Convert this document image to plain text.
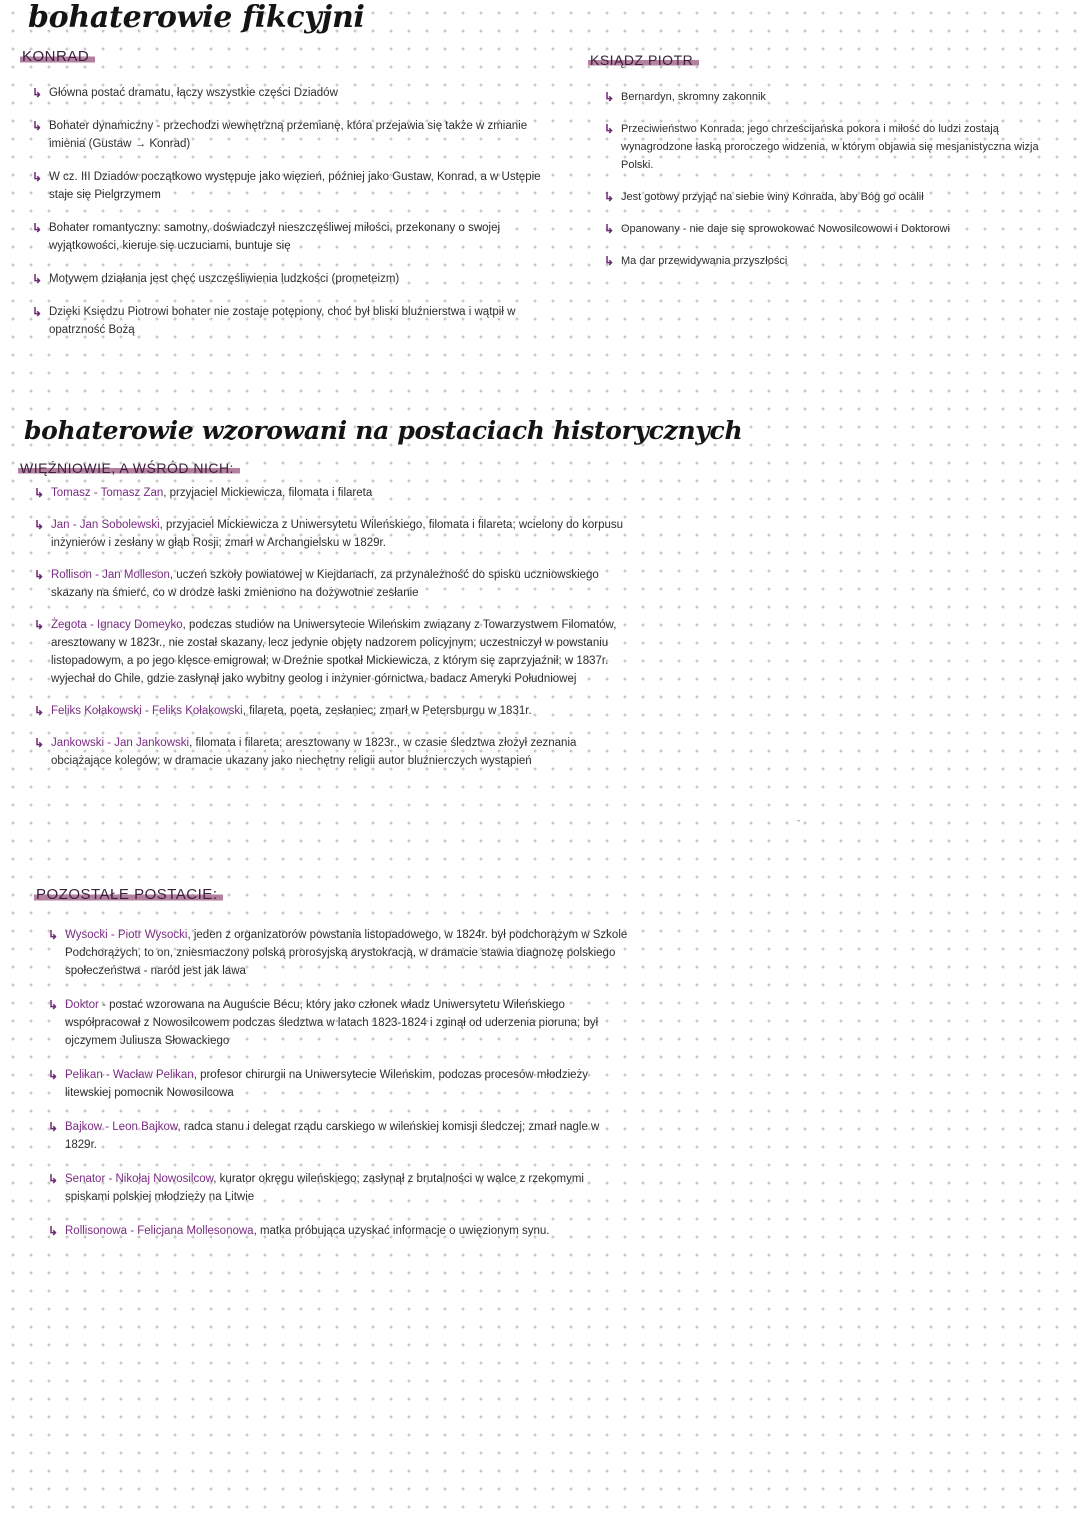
bohaterowie fikcyjni
KONRAD

↳ Główna postać dramatu, łączy wszystkie części Dziadów

↳ Bohater dynamiczny - przechodzi wewnętrzną przemianę, która przejawia się także w zmianie imienia (Gustaw → Konrad)

↳ W cz. III Dziadów początkowo występuje jako więzień, później jako Gustaw, Konrad, a w Ustępie staje się Pielgrzymem

↳ Bohater romantyczny: samotny, doświadczył nieszczęśliwej miłości, przekonany o swojej wyjątkowości, kieruje się uczuciami, buntuje się

↳ Motywem działania jest chęć uszczęśliwienia ludzkości (prometeizm)

↳ Dzięki Księdzu Piotrowi bohater nie zostaje potępiony, choć był bliski bluźnierstwa i wątpił w opatrzność Bożą

KSIĄDZ PIOTR

↳ Bernardyn, skromny zakonnik

↳ Przeciwieństwo Konrada; jego chrześcijańska pokora i miłość do ludzi zostają wynagrodzone łaską proroczego widzenia, w którym objawia się mesjanistyczna wizja Polski.

↳ Jest gotowy przyjąć na siebie winy Konrada, aby Bóg go ocalił

↳ Opanowany - nie daje się sprowokować Nowosilcowowi i Doktorowi

↳ Ma dar przewidywania przyszłości

bohaterowie wzorowani na postaciach historycznych
WIĘŹNIOWIE, A WŚRÓD NICH:

↳ Tomasz - Tomasz Zan, przyjaciel Mickiewicza, filomata i filareta

↳ Jan - Jan Sobolewski, przyjaciel Mickiewicza z Uniwersytetu Wileńskiego, filomata i filareta; wcielony do korpusu inżynierów i zesłany w głąb Rosji; zmarł w Archangielsku w 1829r.

↳ Rollison - Jan Molleson, uczeń szkoły powiatowej w Kiejdanach, za przynależność do spisku uczniowskiego skazany na śmierć, co w drodze łaski zmieniono na dożywotnie zesłanie

↳ Żegota - Ignacy Domeyko, podczas studiów na Uniwersytecie Wileńskim związany z Towarzystwem Filomatów, aresztowany w 1823r., nie został skazany, lecz jedynie objęty nadzorem policyjnym; uczestniczył w powstaniu listopadowym, a po jego klęsce emigrował; w Dreźnie spotkał Mickiewicza, z którym się zaprzyjaźnił; w 1837r. wyjechał do Chile, gdzie zasłynął jako wybitny geolog i inżynier górnictwa, badacz Ameryki Południowej

↳ Feliks Kołakowski - Feliks Kołakowski, filareta, poeta, zesłaniec; zmarł w Petersburgu w 1831r.

↳ Jankowski - Jan Jankowski, filomata i filareta; aresztowany w 1823r., w czasie śledztwa złożył zeznania obciążające kolegów; w dramacie ukazany jako niechętny religii autor bluźnierczych wystąpień

-
POZOSTAŁE POSTACIE:

↳ Wysocki - Piotr Wysocki, jeden z organizatorów powstania listopadowego, w 1824r. był podchorążym w Szkole Podchorążych, to on, zniesmaczony polską prorosyjską arystokracją, w dramacie stawia diagnozę polskiego społeczeństwa - naród jest jak lawa

↳ Doktor - postać wzorowana na Auguście Bécu, który jako członek władz Uniwersytetu Wileńskiego współpracował z Nowosilcowem podczas śledztwa w latach 1823-1824 i zginął od uderzenia pioruna; był ojczymem Juliusza Słowackiego

↳ Pelikan - Wacław Pelikan, profesor chirurgii na Uniwersytecie Wileńskim, podczas procesów młodzieży litewskiej pomocnik Nowosilcowa

↳ Bajkow - Leon Bajkow, radca stanu i delegat rządu carskiego w wileńskiej komisji śledczej; zmarł nagle w 1829r.

↳ Senator - Nikołaj Nowosilcow, kurator okręgu wileńskiego; zasłynął z brutalności w walce z rzekomymi spiskami polskiej młodzieży na Litwie

↳ Rollisonowa - Felicjana Mollesonowa, matka próbująca uzyskać informacje o uwięzionym synu.
